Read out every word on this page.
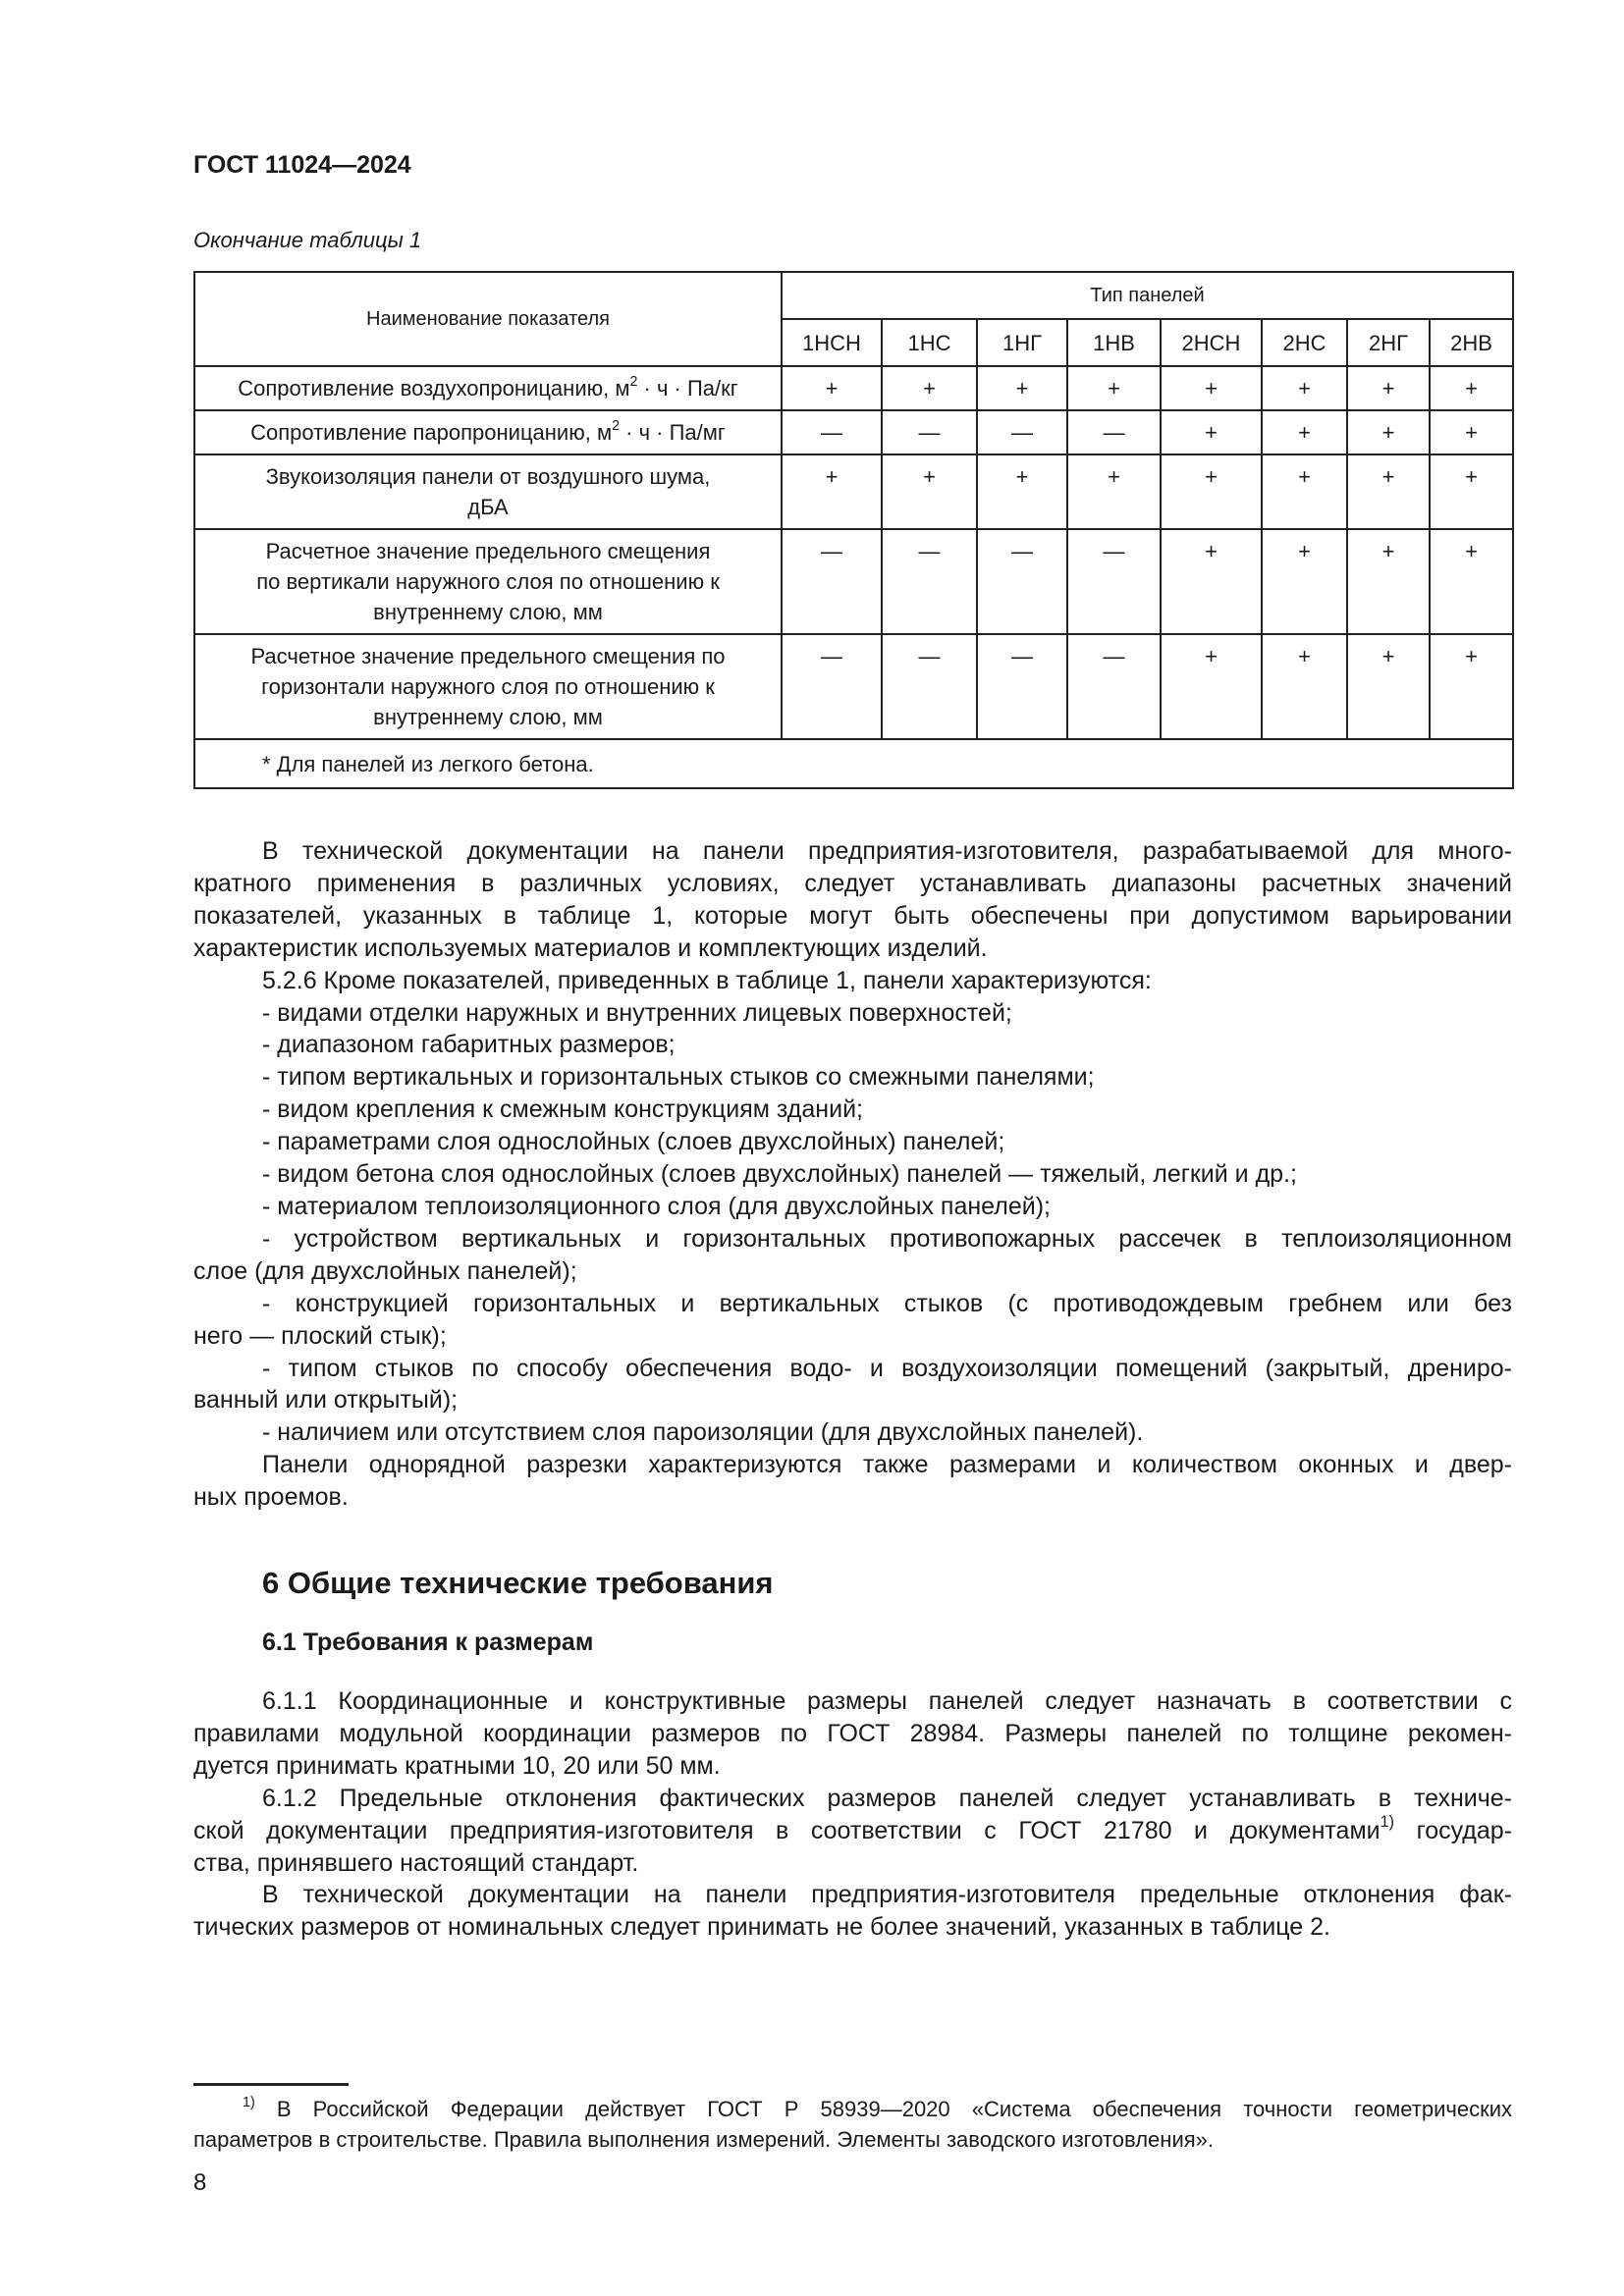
ГОСТ 11024—2024
Окончание таблицы 1
Наименование показателя	Тип панелей							
	1НСН	1НС	1НГ	1НВ	2НСН	2НС	2НГ	2НВ

Сопротивление воздухопроницанию, $м^2 \cdot ч \cdot Па/кг$	+	+	+	+	+	+	+	+

Сопротивление паропроницанию, $м^2 \cdot ч \cdot Па/мг$	—	—	—	—	+	+	+	+

Звукоизоляция панели от воздушного шума,
дБА	+	+	+	+	+	+	+	+

Расчетное значение предельного смещения
по вертикали наружного слоя по отношению к
внутреннему слою, мм	—	—	—	—	+	+	+	+

Расчетное значение предельного смещения по
горизонтали наружного слоя по отношению к
внутреннему слою, мм	—	—	—	—	+	+	+	+
* Для панелей из легкого бетона.								
В технической документации на панели предприятия-изготовителя, разрабатываемой для много-
кратного применения в различных условиях, следует устанавливать диапазоны расчетных значений
показателей, указанных в таблице 1, которые могут быть обеспечены при допустимом варьировании
характеристик используемых материалов и комплектующих изделий.
5.2.6 Кроме показателей, приведенных в таблице 1, панели характеризуются:
- видами отделки наружных и внутренних лицевых поверхностей;
- диапазоном габаритных размеров;
- типом вертикальных и горизонтальных стыков со смежными панелями;
- видом крепления к смежным конструкциям зданий;
- параметрами слоя однослойных (слоев двухслойных) панелей;
- видом бетона слоя однослойных (слоев двухслойных) панелей — тяжелый, легкий и др.;
- материалом теплоизоляционного слоя (для двухслойных панелей);
- устройством вертикальных и горизонтальных противопожарных рассечек в теплоизоляционном
слое (для двухслойных панелей);
- конструкцией горизонтальных и вертикальных стыков (с противодождевым гребнем или без
него — плоский стык);
- типом стыков по способу обеспечения водо- и воздухоизоляции помещений (закрытый, дрениро-
ванный или открытый);
- наличием или отсутствием слоя пароизоляции (для двухслойных панелей).
Панели однорядной разрезки характеризуются также размерами и количеством оконных и двер-
ных проемов.
6 Общие технические требования
6.1 Требования к размерам
6.1.1 Координационные и конструктивные размеры панелей следует назначать в соответствии с
правилами модульной координации размеров по ГОСТ 28984. Размеры панелей по толщине рекомен-
дуется принимать кратными 10, 20 или 50 мм.
6.1.2 Предельные отклонения фактических размеров панелей следует устанавливать в техниче-
ской документации предприятия-изготовителя в соответствии с ГОСТ 21780 и документами$^{1)}$ государ-
ства, принявшего настоящий стандарт.
В технической документации на панели предприятия-изготовителя предельные отклонения фак-
тических размеров от номинальных следует принимать не более значений, указанных в таблице 2.
$^{1)}$ В Российской Федерации действует ГОСТ Р 58939—2020 «Система обеспечения точности геометрических
параметров в строительстве. Правила выполнения измерений. Элементы заводского изготовления».
8
